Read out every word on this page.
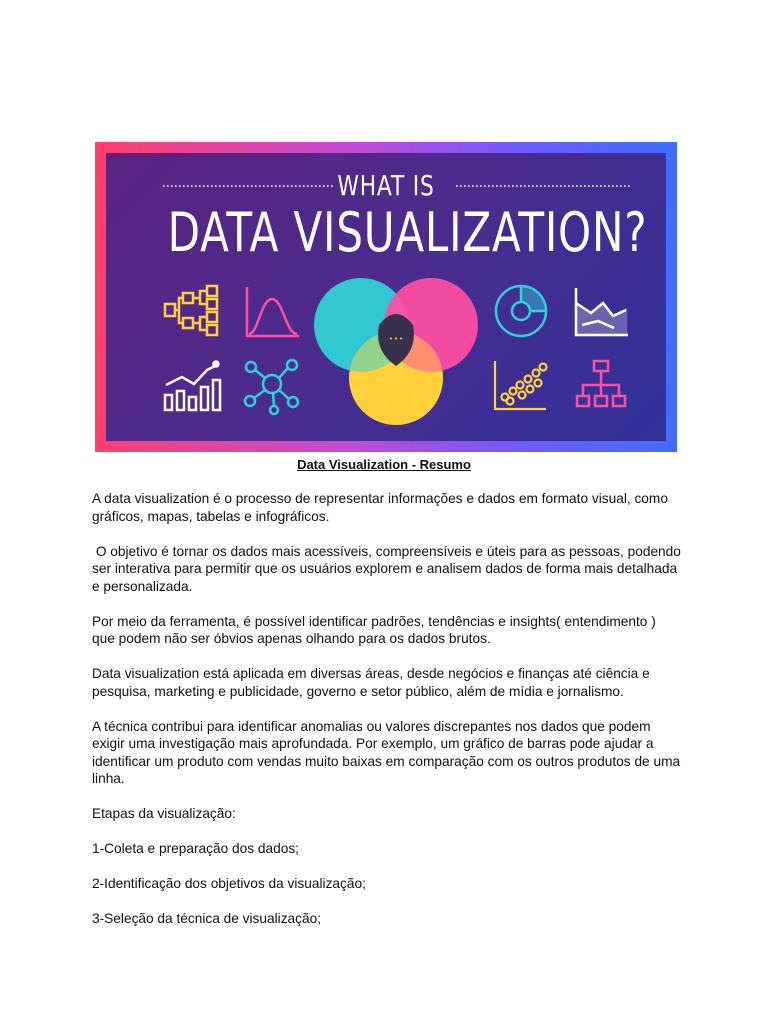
···
WHAT IS
DATA VISUALIZATION?
Data Visualization - Resumo

A data visualization é o processo de representar informações e dados em formato visual, como gráficos, mapas, tabelas e infográficos.

O objetivo é tornar os dados mais acessíveis, compreensíveis e úteis para as pessoas, podendo ser interativa para permitir que os usuários explorem e analisem dados de forma mais detalhada e personalizada.

Por meio da ferramenta, é possível identificar padrões, tendências e insights( entendimento ) que podem não ser óbvios apenas olhando para os dados brutos.

Data visualization está aplicada em diversas áreas, desde negócios e finanças até ciência e pesquisa, marketing e publicidade, governo e setor público, além de mídia e jornalismo.

A técnica contribui para identificar anomalias ou valores discrepantes nos dados que podem exigir uma investigação mais aprofundada. Por exemplo, um gráfico de barras pode ajudar a identificar um produto com vendas muito baixas em comparação com os outros produtos de uma linha.

Etapas da visualização:

1-Coleta e preparação dos dados;

2-Identificação dos objetivos da visualização;

3-Seleção da técnica de visualização;
